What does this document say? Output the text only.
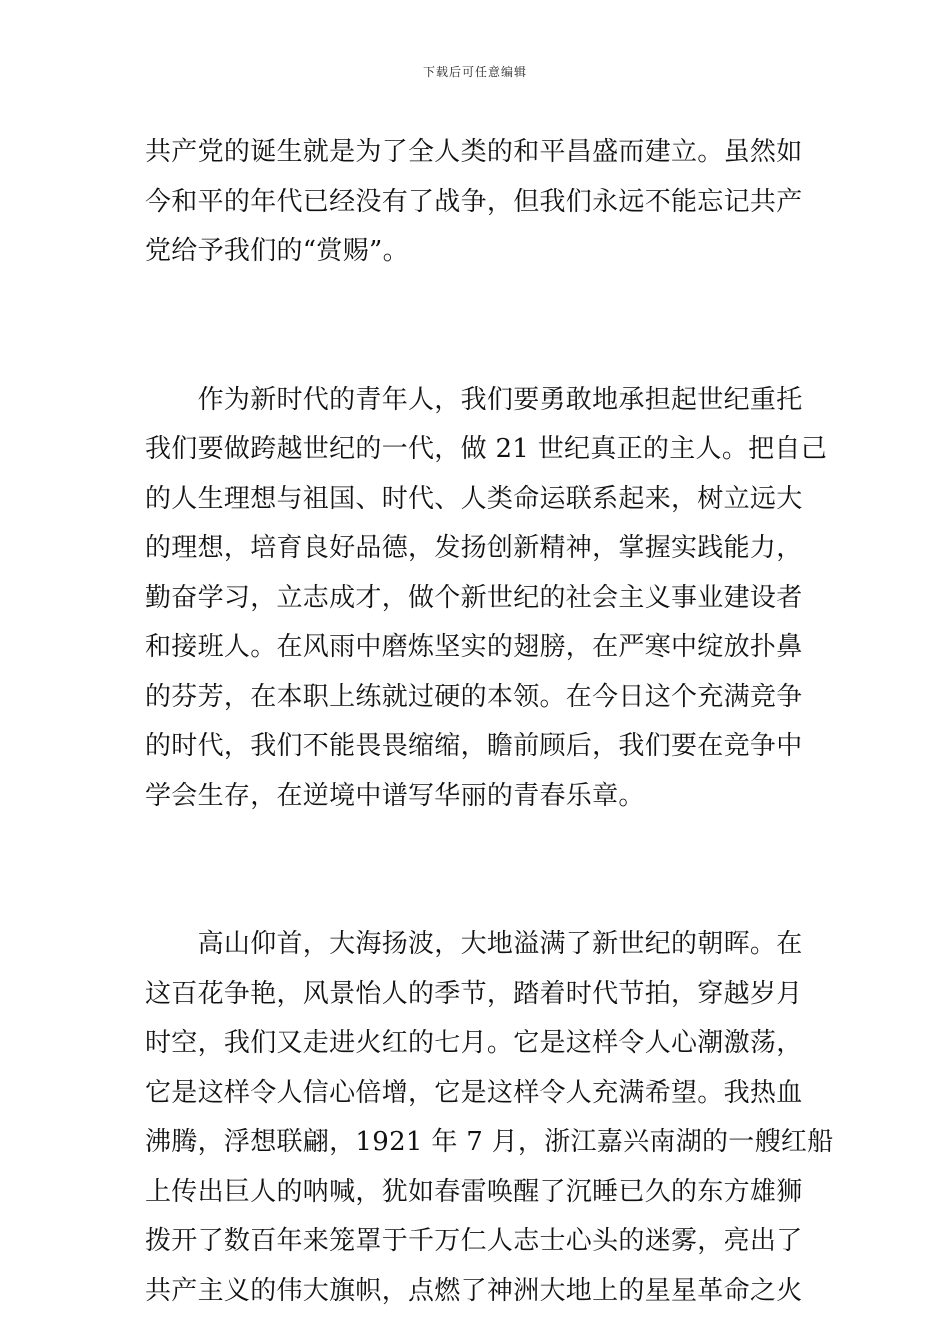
下载后可任意编辑
共产党的诞生就是为了全人类的和平昌盛而建立。虽然如
今和平的年代已经没有了战争，但我们永远不能忘记共产
党给予我们的“赏赐”。
　　作为新时代的青年人，我们要勇敢地承担起世纪重托
我们要做跨越世纪的一代，做 21 世纪真正的主人。把自己
的人生理想与祖国、时代、人类命运联系起来，树立远大
的理想，培育良好品德，发扬创新精神，掌握实践能力，
勤奋学习，立志成才，做个新世纪的社会主义事业建设者
和接班人。在风雨中磨炼坚实的翅膀，在严寒中绽放扑鼻
的芬芳，在本职上练就过硬的本领。在今日这个充满竞争
的时代，我们不能畏畏缩缩，瞻前顾后，我们要在竞争中
学会生存，在逆境中谱写华丽的青春乐章。
　　高山仰首，大海扬波，大地溢满了新世纪的朝晖。在
这百花争艳，风景怡人的季节，踏着时代节拍，穿越岁月
时空，我们又走进火红的七月。它是这样令人心潮激荡，
它是这样令人信心倍增，它是这样令人充满希望。我热血
沸腾，浮想联翩，1921 年 7 月，浙江嘉兴南湖的一艘红船
上传出巨人的呐喊，犹如春雷唤醒了沉睡已久的东方雄狮
拨开了数百年来笼罩于千万仁人志士心头的迷雾，亮出了
共产主义的伟大旗帜，点燃了神洲大地上的星星革命之火
